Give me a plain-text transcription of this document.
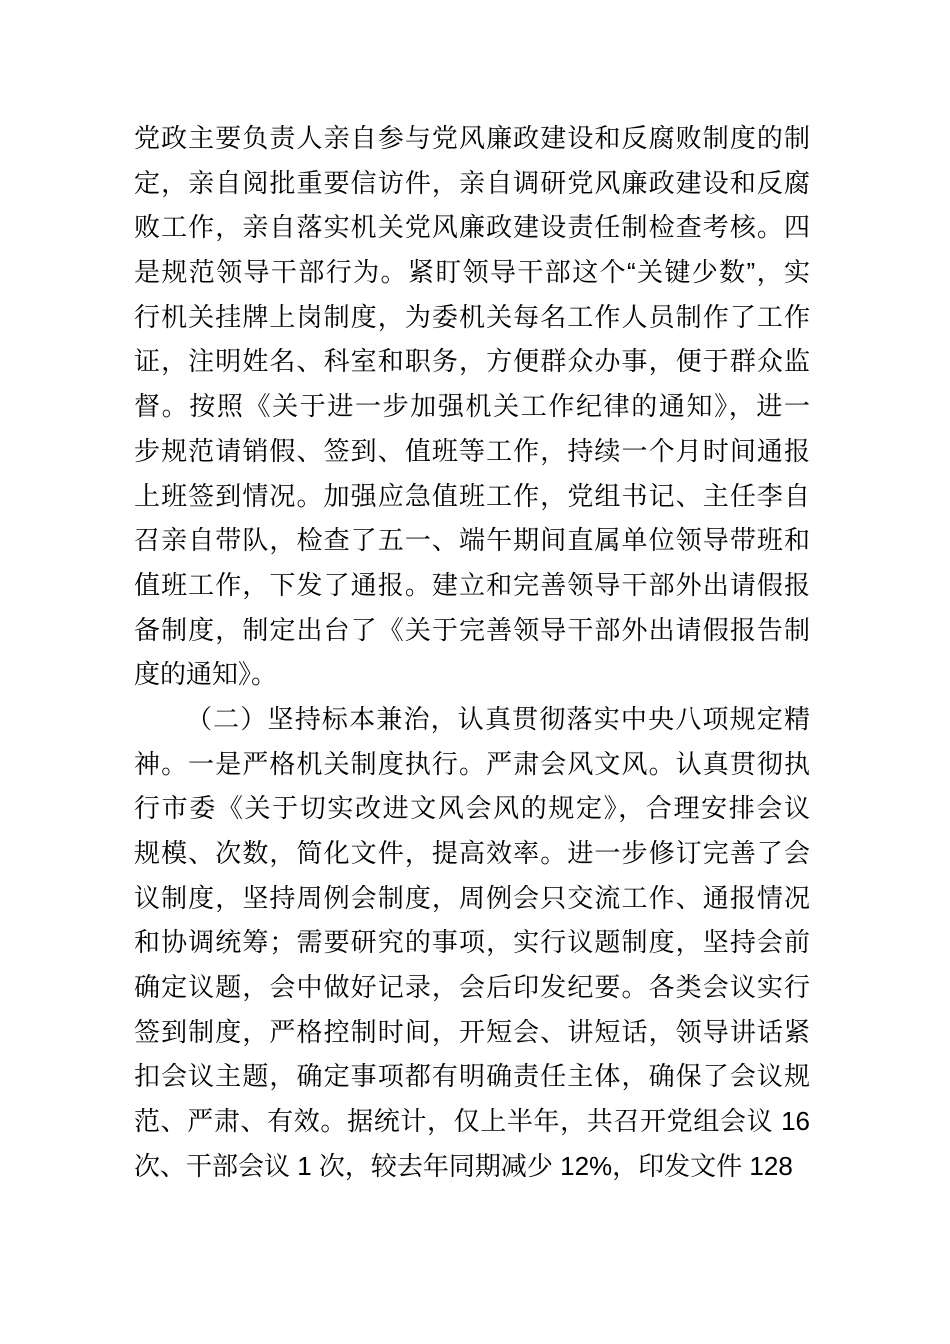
党政主要负责人亲自参与党风廉政建设和反腐败制度的制
定，亲自阅批重要信访件，亲自调研党风廉政建设和反腐
败工作，亲自落实机关党风廉政建设责任制检查考核。四
是规范领导干部行为。紧盯领导干部这个“关键少数”，实
行机关挂牌上岗制度，为委机关每名工作人员制作了工作
证，注明姓名、科室和职务，方便群众办事，便于群众监
督。按照《关于进一步加强机关工作纪律的通知》，进一
步规范请销假、签到、值班等工作，持续一个月时间通报
上班签到情况。加强应急值班工作，党组书记、主任李自
召亲自带队，检查了五一、端午期间直属单位领导带班和
值班工作，下发了通报。建立和完善领导干部外出请假报
备制度，制定出台了《关于完善领导干部外出请假报告制
度的通知》。
（二）坚持标本兼治，认真贯彻落实中央八项规定精
神。一是严格机关制度执行。严肃会风文风。认真贯彻执
行市委《关于切实改进文风会风的规定》，合理安排会议
规模、次数，简化文件，提高效率。进一步修订完善了会
议制度，坚持周例会制度，周例会只交流工作、通报情况
和协调统筹；需要研究的事项，实行议题制度，坚持会前
确定议题，会中做好记录，会后印发纪要。各类会议实行
签到制度，严格控制时间，开短会、讲短话，领导讲话紧
扣会议主题，确定事项都有明确责任主体，确保了会议规
范、严肃、有效。据统计，仅上半年，共召开党组会议 16
次、干部会议 1 次，较去年同期减少 12%，印发文件 128
